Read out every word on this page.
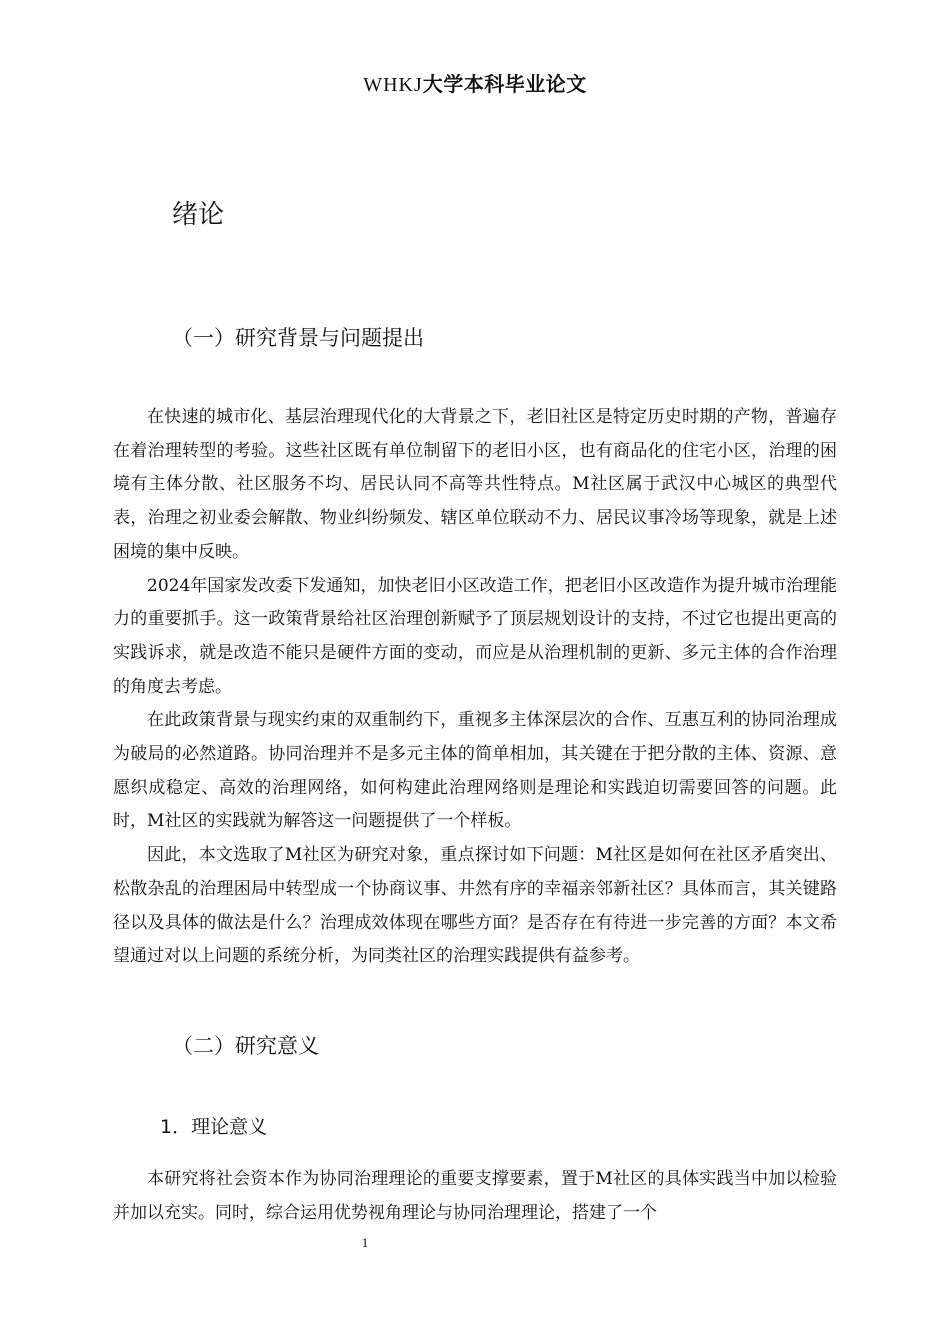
WHKJ大学本科毕业论文
绪论
（一）研究背景与问题提出

在快速的城市化、基层治理现代化的大背景之下，老旧社区是特定历史时期的产物，普遍存在着治理转型的考验。这些社区既有单位制留下的老旧小区，也有商品化的住宅小区，治理的困境有主体分散、社区服务不均、居民认同不高等共性特点。M社区属于武汉中心城区的典型代表，治理之初业委会解散、物业纠纷频发、辖区单位联动不力、居民议事冷场等现象，就是上述困境的集中反映。

2024年国家发改委下发通知，加快老旧小区改造工作，把老旧小区改造作为提升城市治理能力的重要抓手。这一政策背景给社区治理创新赋予了顶层规划设计的支持，不过它也提出更高的实践诉求，就是改造不能只是硬件方面的变动，而应是从治理机制的更新、多元主体的合作治理的角度去考虑。

在此政策背景与现实约束的双重制约下，重视多主体深层次的合作、互惠互利的协同治理成为破局的必然道路。协同治理并不是多元主体的简单相加，其关键在于把分散的主体、资源、意愿织成稳定、高效的治理网络，如何构建此治理网络则是理论和实践迫切需要回答的问题。此时，M社区的实践就为解答这一问题提供了一个样板。

因此，本文选取了M社区为研究对象，重点探讨如下问题：M社区是如何在社区矛盾突出、松散杂乱的治理困局中转型成一个协商议事、井然有序的幸福亲邻新社区？具体而言，其关键路径以及具体的做法是什么？治理成效体现在哪些方面？是否存在有待进一步完善的方面？本文希望通过对以上问题的系统分析，为同类社区的治理实践提供有益参考。

（二）研究意义
1．理论意义

本研究将社会资本作为协同治理理论的重要支撑要素，置于M社区的具体实践当中加以检验并加以充实。同时，综合运用优势视角理论与协同治理理论，搭建了一个

1
